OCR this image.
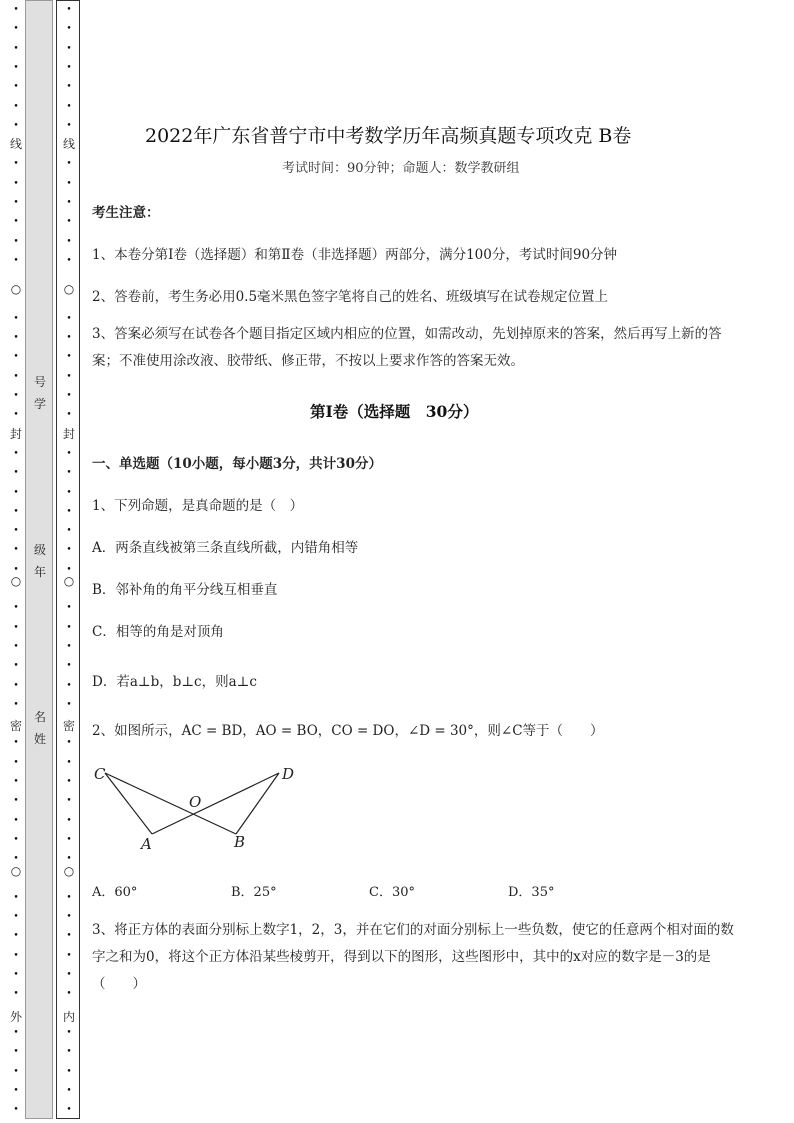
•
•
•
•
•
•
•
•
•
•
•
•
•
•
•
•
•
•
•
•
•
•
•
•
•
•
•
•
•
•
•
•
•
•
•
•
•
•
•
•
•
•
•
•
•
•
•
•
•
•
线
○
封
○
密
○
外
号
学
级
年
名
姓
•
•
•
•
•
•
•
•
•
•
•
•
•
•
•
•
•
•
•
•
•
•
•
•
•
•
•
•
•
•
•
•
•
•
•
•
•
•
•
•
•
•
•
•
•
•
•
•
•
•
线
○
封
○
密
○
内
2022年广东省普宁市中考数学历年高频真题专项攻克 B卷
考试时间：90分钟；命题人：数学教研组
考生注意：
1、本卷分第I卷（选择题）和第Ⅱ卷（非选择题）两部分，满分100分，考试时间90分钟
2、答卷前，考生务必用0.5毫米黑色签字笔将自己的姓名、班级填写在试卷规定位置上
3、答案必须写在试卷各个题目指定区域内相应的位置，如需改动，先划掉原来的答案，然后再写上新的答案；不准使用涂改液、胶带纸、修正带，不按以上要求作答的答案无效。
第I卷（选择题　30分）
一、单选题（10小题，每小题3分，共计30分）
1、下列命题，是真命题的是（　）
A．两条直线被第三条直线所截，内错角相等
B．邻补角的角平分线互相垂直
C．相等的角是对顶角
D．若a⊥b，b⊥c，则a⊥c
2、如图所示，AC = BD，AO = BO，CO = DO，∠D = 30°，则∠C等于（　　）
C	D
O
A	B
A．60°	B．25°	C．30°	D．35°
3、将正方体的表面分别标上数字1，2，3，并在它们的对面分别标上一些负数，使它的任意两个相对面的数字之和为0，将这个正方体沿某些棱剪开，得到以下的图形，这些图形中，其中的x对应的数字是－3的是（　　）
